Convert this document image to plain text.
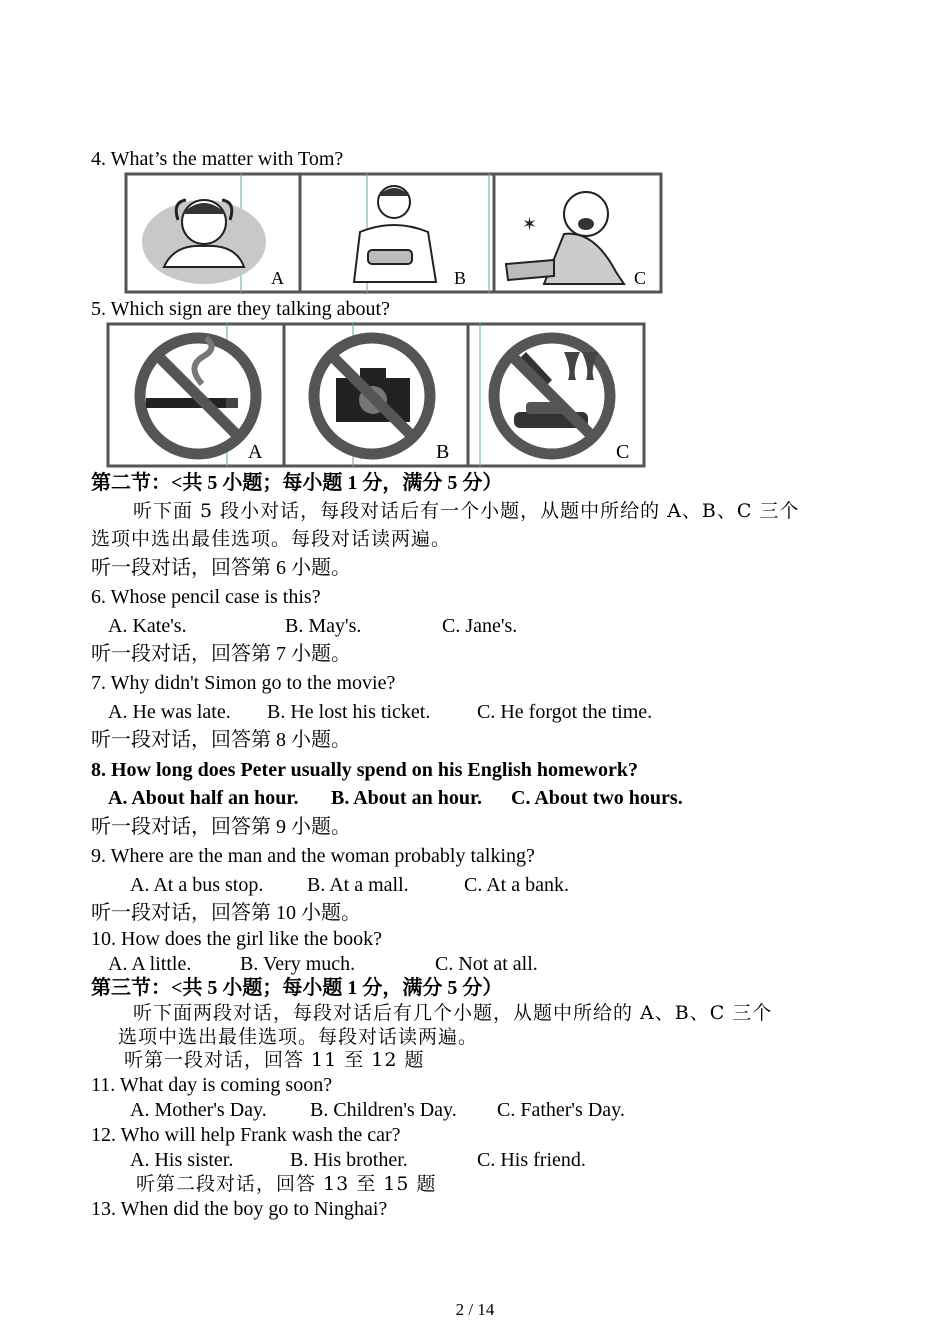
4. What’s the matter with Tom?
A	B
✶
C
5. Which sign are they talking about?
A	B	C
第二节：<共 5 小题；每小题 1 分，满分 5 分）
听下面 5 段小对话，每段对话后有一个小题，从题中所给的 A、B、C 三个
选项中选出最佳选项。每段对话读两遍。
听一段对话，回答第 6 小题。
6. Whose pencil case is this?
A. Kate's.	B. May's.	C. Jane's.
听一段对话，回答第 7 小题。
7. Why didn't Simon go to the movie?
A. He was late. B. He lost his ticket. C. He forgot the time.
听一段对话，回答第 8 小题。
8. How long does Peter usually spend on his English homework?
A. About half an hour. B. About an hour. C. About two hours.
听一段对话，回答第 9 小题。
9. Where are the man and the woman probably talking?
A. At a bus stop. B. At a mall.	C. At a bank.
听一段对话，回答第 10 小题。
10. How does the girl like the book?
A. A little. B. Very much.	C. Not at all.
第三节：<共 5 小题；每小题 1 分，满分 5 分）
听下面两段对话，每段对话后有几个小题，从题中所给的 A、B、C 三个
选项中选出最佳选项。每段对话读两遍。
听第一段对话，回答 11 至 12 题
11. What day is coming soon?
A. Mother's Day. B. Children's Day. C. Father's Day.
12. Who will help Frank wash the car?
A. His sister.	B. His brother.	C. His friend.
听第二段对话，回答 13 至 15 题
13. When did the boy go to Ninghai?
2 / 14
